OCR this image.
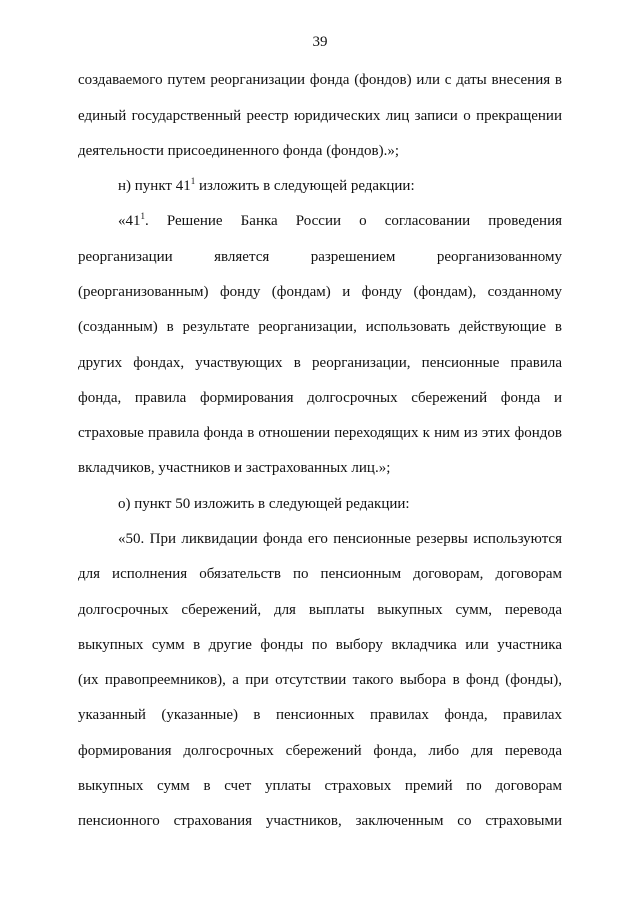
39
создаваемого путем реорганизации фонда (фондов) или с даты внесения в
единый государственный реестр юридических лиц записи о прекращении
деятельности присоединенного фонда (фондов).»;
н) пункт $41^1$ изложить в следующей редакции:
«$41^1$. Решение Банка России о согласовании проведения
реорганизации является разрешением реорганизованному
(реорганизованным) фонду (фондам) и фонду (фондам), созданному
(созданным) в результате реорганизации, использовать действующие в
других фондах, участвующих в реорганизации, пенсионные правила
фонда, правила формирования долгосрочных сбережений фонда и
страховые правила фонда в отношении переходящих к ним из этих фондов
вкладчиков, участников и застрахованных лиц.»;
о) пункт 50 изложить в следующей редакции:
«50. При ликвидации фонда его пенсионные резервы используются
для исполнения обязательств по пенсионным договорам, договорам
долгосрочных сбережений, для выплаты выкупных сумм, перевода
выкупных сумм в другие фонды по выбору вкладчика или участника
(их правопреемников), а при отсутствии такого выбора в фонд (фонды),
указанный (указанные) в пенсионных правилах фонда, правилах
формирования долгосрочных сбережений фонда, либо для перевода
выкупных сумм в счет уплаты страховых премий по договорам
пенсионного страхования участников, заключенным со страховыми
